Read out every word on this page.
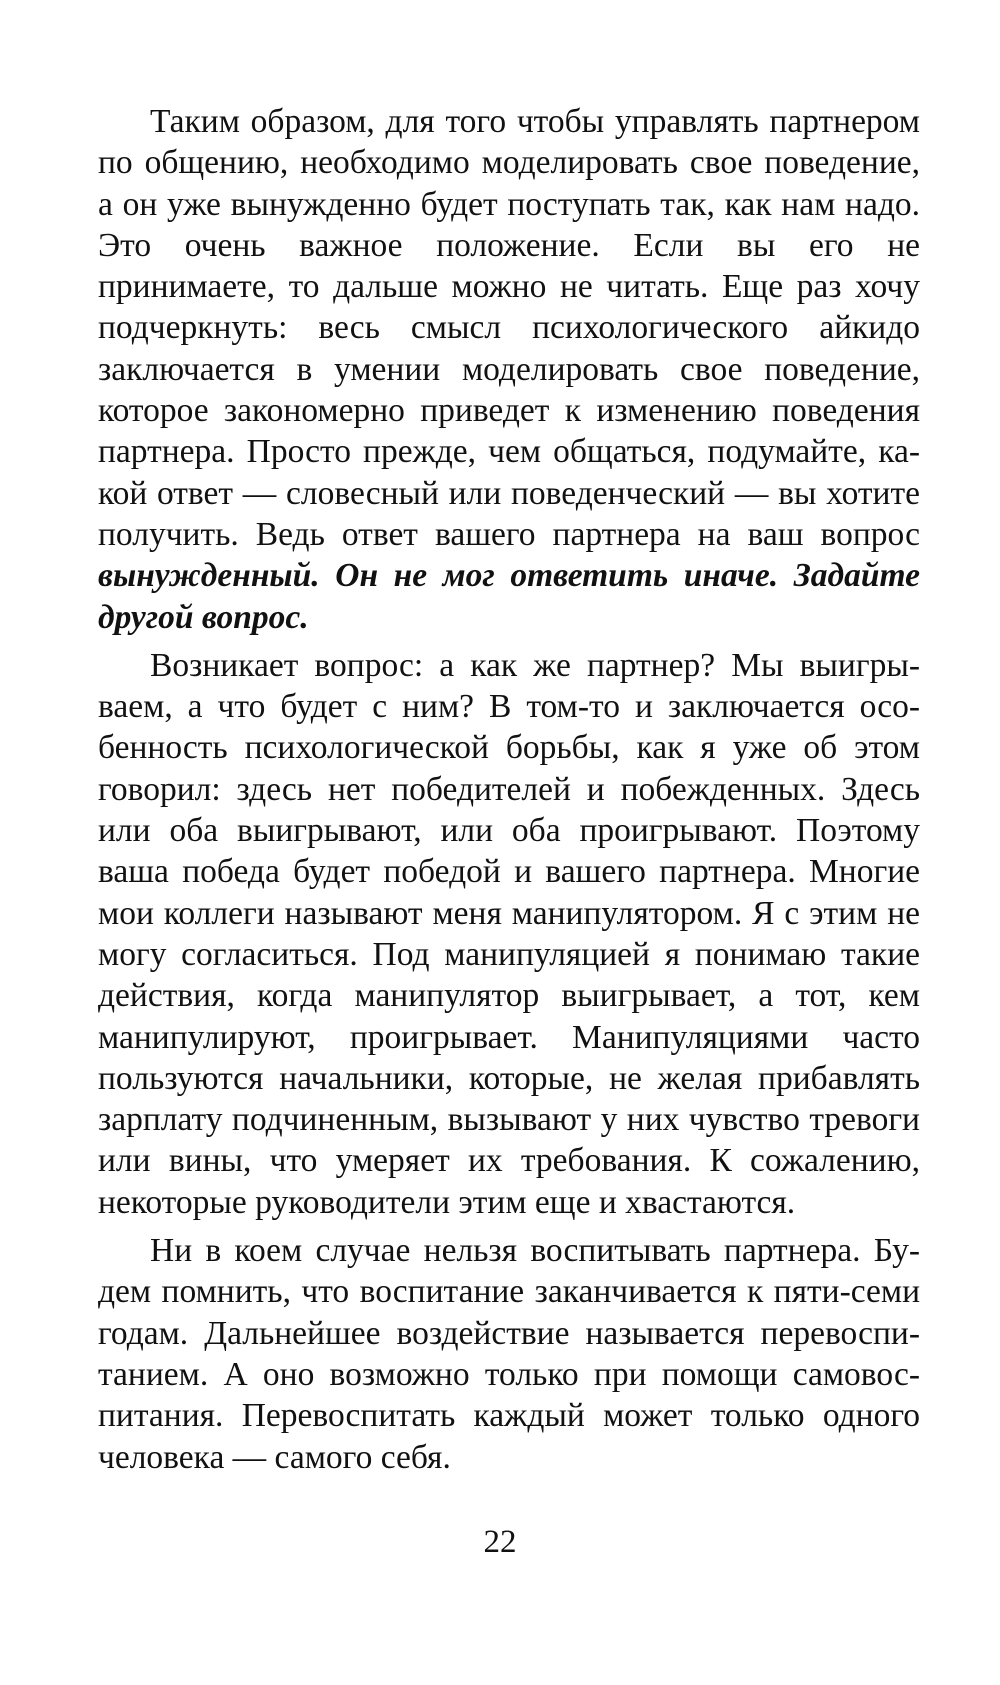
Таким образом, для того чтобы управлять партнером по общению, необходимо моделировать свое поведение, а он уже вынужденно будет поступать так, как нам надо. Это очень важное положение. Если вы его не принимаете, то дальше можно не читать. Еще раз хочу подчеркнуть: весь смысл психологического айкидо заключается в умении моделировать свое поведение, которое закономерно приведет к изменению поведения партнера. Просто прежде, чем общаться, подумайте, какой ответ — словесный или поведенческий — вы хотите получить. Ведь ответ вашего партнера на ваш вопрос вынужденный. Он не мог ответить иначе. Задайте другой вопрос.

Возникает вопрос: а как же партнер? Мы выигрываем, а что будет с ним? В том-то и заключается особенность психологической борьбы, как я уже об этом говорил: здесь нет победителей и побежденных. Здесь или оба выигрывают, или оба проигрывают. Поэтому ваша победа будет победой и вашего партнера. Многие мои коллеги называют меня манипулятором. Я с этим не могу согласиться. Под манипуляцией я понимаю такие действия, когда манипулятор выигрывает, а тот, кем манипулируют, проигрывает. Манипуляциями часто пользуются начальники, которые, не желая прибавлять зарплату подчиненным, вызывают у них чувство тревоги или вины, что умеряет их требования. К сожалению, некоторые руководители этим еще и хвастаются.

Ни в коем случае нельзя воспитывать партнера. Будем помнить, что воспитание заканчивается к пяти-семи годам. Дальнейшее воздействие называется перевоспитанием. А оно возможно только при помощи самовоспитания. Перевоспитать каждый может только одного человека — самого себя.

22
